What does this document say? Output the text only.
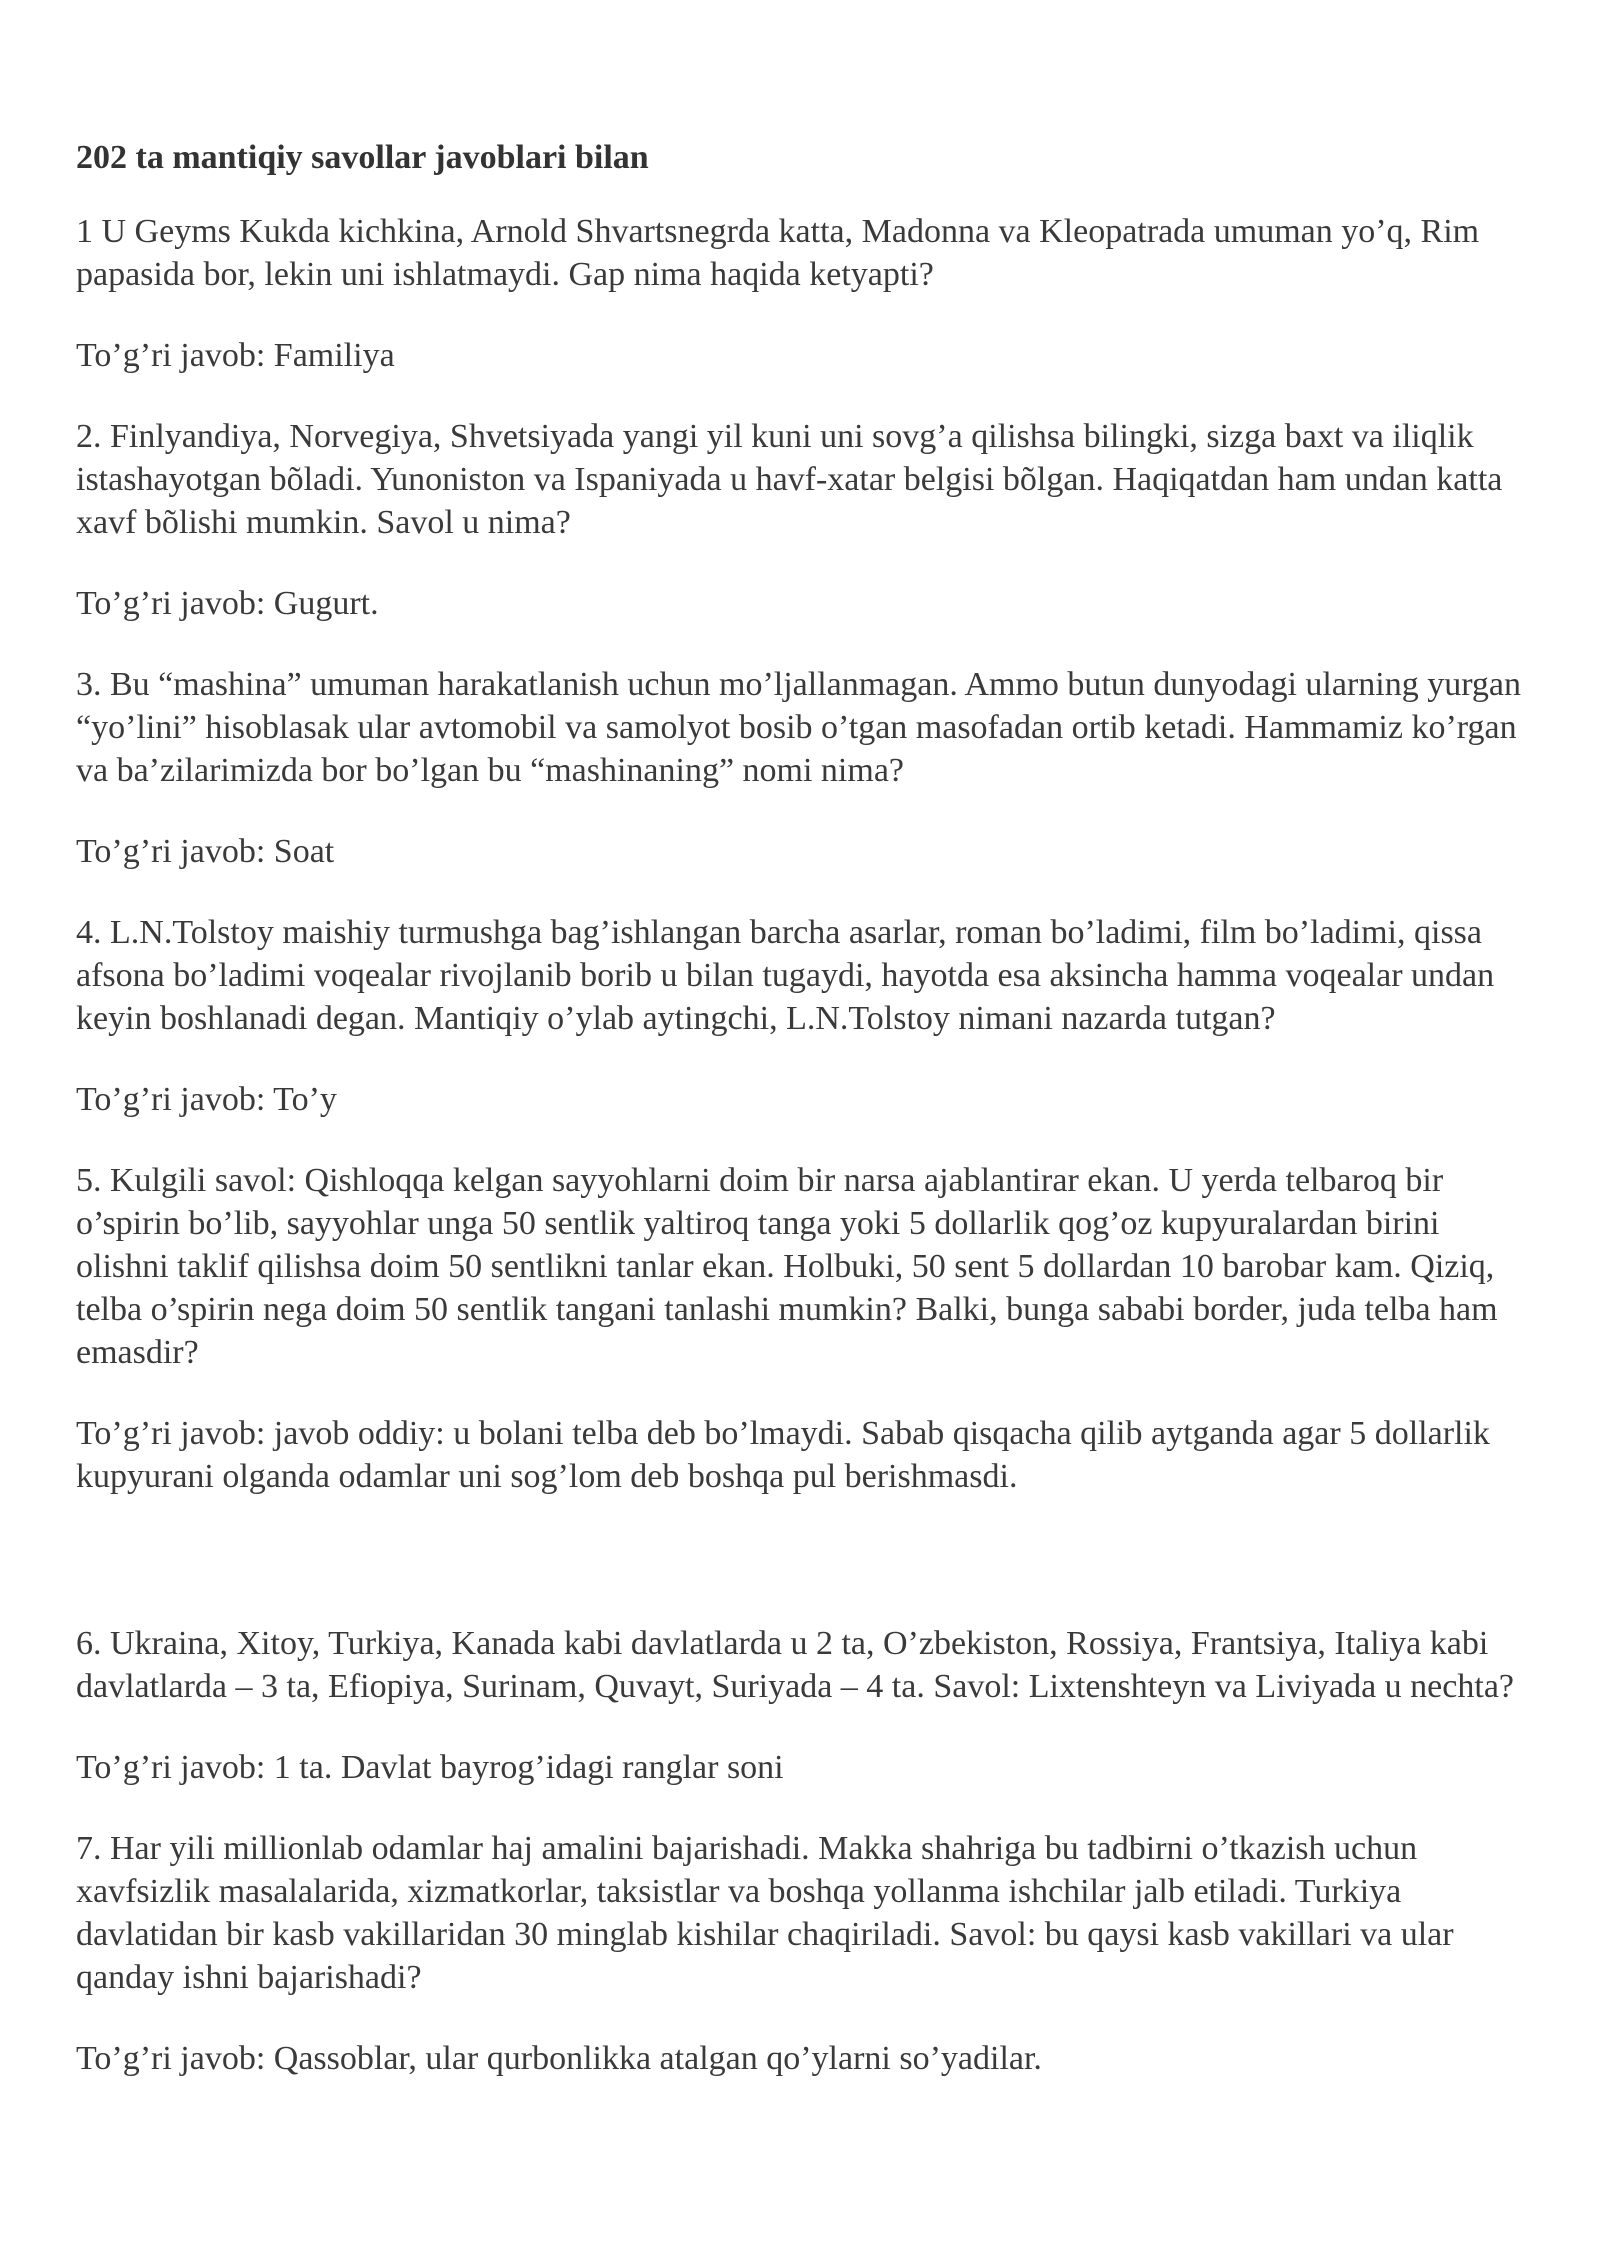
202 ta mantiqiy savollar javoblari bilan

1 U Geyms Kukda kichkina, Arnold Shvartsnegrda katta, Madonna va Kleopatrada umuman yo’q, Rim papasida bor, lekin uni ishlatmaydi. Gap nima haqida ketyapti?

To’g’ri javob: Familiya

2. Finlyandiya, Norvegiya, Shvetsiyada yangi yil kuni uni sovg’a qilishsa bilingki, sizga baxt va iliqlik istashayotgan bõladi. Yunoniston va Ispaniyada u havf-xatar belgisi bõlgan. Haqiqatdan ham undan katta xavf bõlishi mumkin. Savol u nima?

To’g’ri javob: Gugurt.

3. Bu “mashina” umuman harakatlanish uchun mo’ljallanmagan. Ammo butun dunyodagi ularning yurgan “yo’lini” hisoblasak ular avtomobil va samolyot bosib o’tgan masofadan ortib ketadi. Hammamiz ko’rgan va ba’zilarimizda bor bo’lgan bu “mashinaning” nomi nima?

To’g’ri javob: Soat

4. L.N.Tolstoy maishiy turmushga bag’ishlangan barcha asarlar, roman bo’ladimi, film bo’ladimi, qissa afsona bo’ladimi voqealar rivojlanib borib u bilan tugaydi, hayotda esa aksincha hamma voqealar undan keyin boshlanadi degan. Mantiqiy o’ylab aytingchi, L.N.Tolstoy nimani nazarda tutgan?

To’g’ri javob: To’y

5. Kulgili savol: Qishloqqa kelgan sayyohlarni doim bir narsa ajablantirar ekan. U yerda telbaroq bir o’spirin bo’lib, sayyohlar unga 50 sentlik yaltiroq tanga yoki 5 dollarlik qog’oz kupyuralardan birini olishni taklif qilishsa doim 50 sentlikni tanlar ekan. Holbuki, 50 sent 5 dollardan 10 barobar kam. Qiziq, telba o’spirin nega doim 50 sentlik tangani tanlashi mumkin? Balki, bunga sababi border, juda telba ham emasdir?

To’g’ri javob: javob oddiy: u bolani telba deb bo’lmaydi. Sabab qisqacha qilib aytganda agar 5 dollarlik kupyurani olganda odamlar uni sog’lom deb boshqa pul berishmasdi.

6. Ukraina, Xitoy, Turkiya, Kanada kabi davlatlarda u 2 ta, O’zbekiston, Rossiya, Frantsiya, Italiya kabi davlatlarda – 3 ta, Efiopiya, Surinam, Quvayt, Suriyada – 4 ta. Savol: Lixtenshteyn va Liviyada u nechta?

To’g’ri javob: 1 ta. Davlat bayrog’idagi ranglar soni

7. Har yili millionlab odamlar haj amalini bajarishadi. Makka shahriga bu tadbirni o’tkazish uchun xavfsizlik masalalarida, xizmatkorlar, taksistlar va boshqa yollanma ishchilar jalb etiladi. Turkiya davlatidan bir kasb vakillaridan 30 minglab kishilar chaqiriladi. Savol: bu qaysi kasb vakillari va ular qanday ishni bajarishadi?

To’g’ri javob: Qassoblar, ular qurbonlikka atalgan qo’ylarni so’yadilar.
